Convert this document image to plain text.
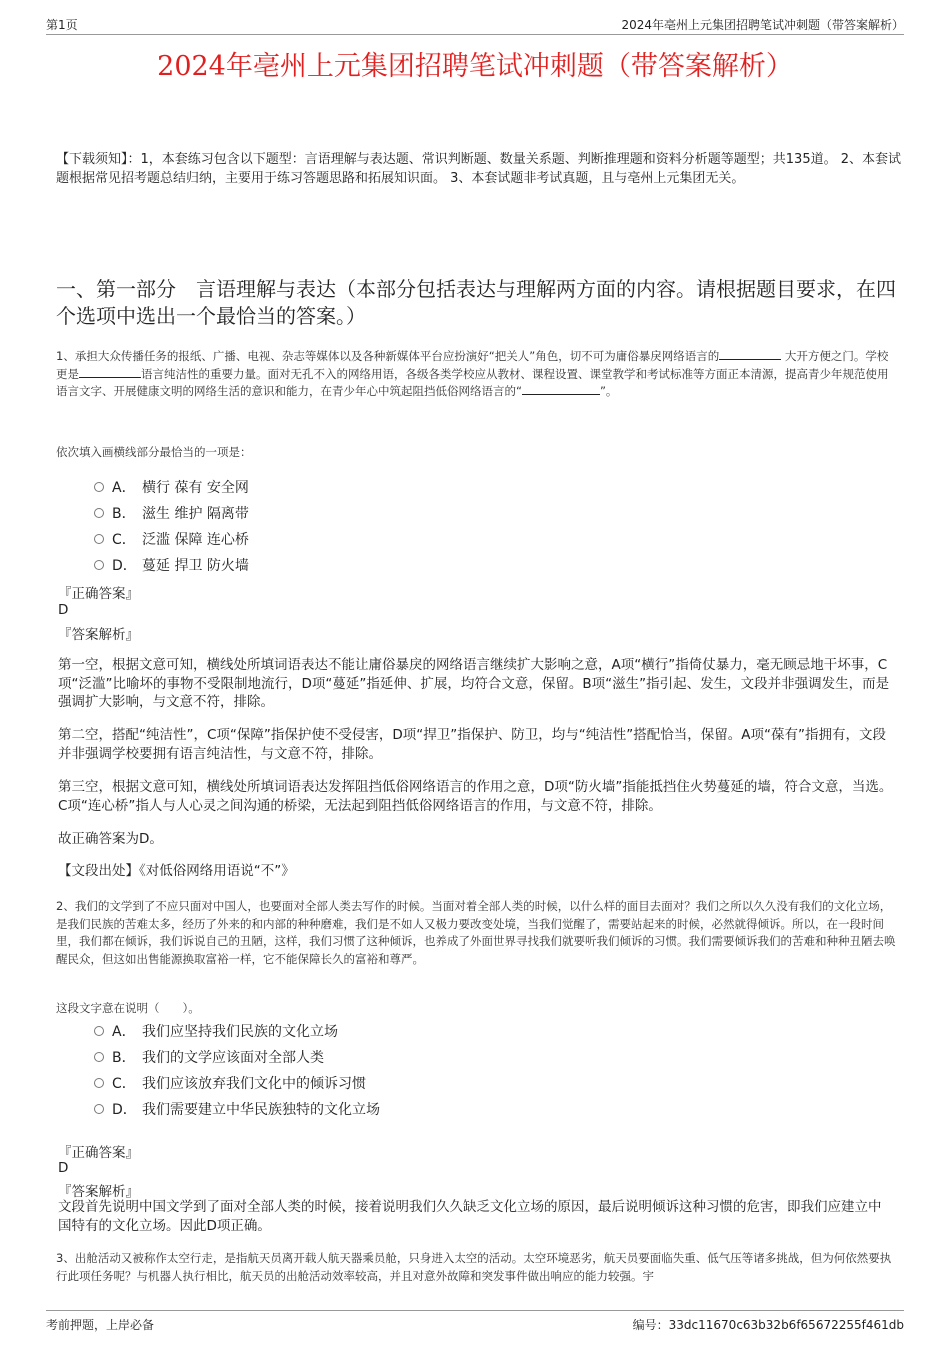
第1页	2024年亳州上元集团招聘笔试冲刺题（带答案解析）
2024年亳州上元集团招聘笔试冲刺题（带答案解析）
【下载须知】：1，本套练习包含以下题型：言语理解与表达题、常识判断题、数量关系题、判断推理题和资料分析题等题型；共135道。 2、本套试题根据常见招考题总结归纳，主要用于练习答题思路和拓展知识面。 3、本套试题非考试真题，且与亳州上元集团无关。
一、第一部分　言语理解与表达（本部分包括表达与理解两方面的内容。请根据题目要求，在四个选项中选出一个最恰当的答案。）
1、承担大众传播任务的报纸、广播、电视、杂志等媒体以及各种新媒体平台应扮演好“把关人”角色，切不可为庸俗暴戾网络语言的	大开方便之门。学校更是	语言纯洁性的重要力量。面对无孔不入的网络用语，各级各类学校应从教材、课程设置、课堂教学和考试标准等方面正本清源，提高青少年规范使用语言文字、开展健康文明的网络生活的意识和能力，在青少年心中筑起阻挡低俗网络语言的“	”。
依次填入画横线部分最恰当的一项是：
A． 横行 葆有 安全网
B． 滋生 维护 隔离带
C． 泛滥 保障 连心桥
D． 蔓延 捍卫 防火墙
『正确答案』
D
『答案解析』
第一空，根据文意可知，横线处所填词语表达不能让庸俗暴戾的网络语言继续扩大影响之意，A项“横行”指倚仗暴力，毫无顾忌地干坏事，C项“泛滥”比喻坏的事物不受限制地流行，D项“蔓延”指延伸、扩展，均符合文意，保留。B项“滋生”指引起、发生，文段并非强调发生，而是强调扩大影响，与文意不符，排除。
第二空，搭配“纯洁性”，C项“保障”指保护使不受侵害，D项“捍卫”指保护、防卫，均与“纯洁性”搭配恰当，保留。A项“葆有”指拥有，文段并非强调学校要拥有语言纯洁性，与文意不符，排除。
第三空，根据文意可知，横线处所填词语表达发挥阻挡低俗网络语言的作用之意，D项“防火墙”指能抵挡住火势蔓延的墙，符合文意，当选。C项“连心桥”指人与人心灵之间沟通的桥梁，无法起到阻挡低俗网络语言的作用，与文意不符，排除。
故正确答案为D。
【文段出处】《对低俗网络用语说“不”》
2、我们的文学到了不应只面对中国人，也要面对全部人类去写作的时候。当面对着全部人类的时候，以什么样的面目去面对？我们之所以久久没有我们的文化立场，是我们民族的苦难太多，经历了外来的和内部的种种磨难，我们是不如人又极力要改变处境，当我们觉醒了，需要站起来的时候，必然就得倾诉。所以，在一段时间里，我们都在倾诉，我们诉说自己的丑陋，这样，我们习惯了这种倾诉，也养成了外面世界寻找我们就要听我们倾诉的习惯。我们需要倾诉我们的苦难和种种丑陋去唤醒民众，但这如出售能源换取富裕一样，它不能保障长久的富裕和尊严。
这段文字意在说明（　　）。
A． 我们应坚持我们民族的文化立场
B． 我们的文学应该面对全部人类
C． 我们应该放弃我们文化中的倾诉习惯
D． 我们需要建立中华民族独特的文化立场
『正确答案』
D
『答案解析』
文段首先说明中国文学到了面对全部人类的时候，接着说明我们久久缺乏文化立场的原因，最后说明倾诉这种习惯的危害，即我们应建立中国特有的文化立场。因此D项正确。
3、出舱活动又被称作太空行走，是指航天员离开载人航天器乘员舱，只身进入太空的活动。太空环境恶劣，航天员要面临失重、低气压等诸多挑战，但为何依然要执行此项任务呢？与机器人执行相比，航天员的出舱活动效率较高，并且对意外故障和突发事件做出响应的能力较强。宇
考前押题，上岸必备	编号：33dc11670c63b32b6f65672255f461db
